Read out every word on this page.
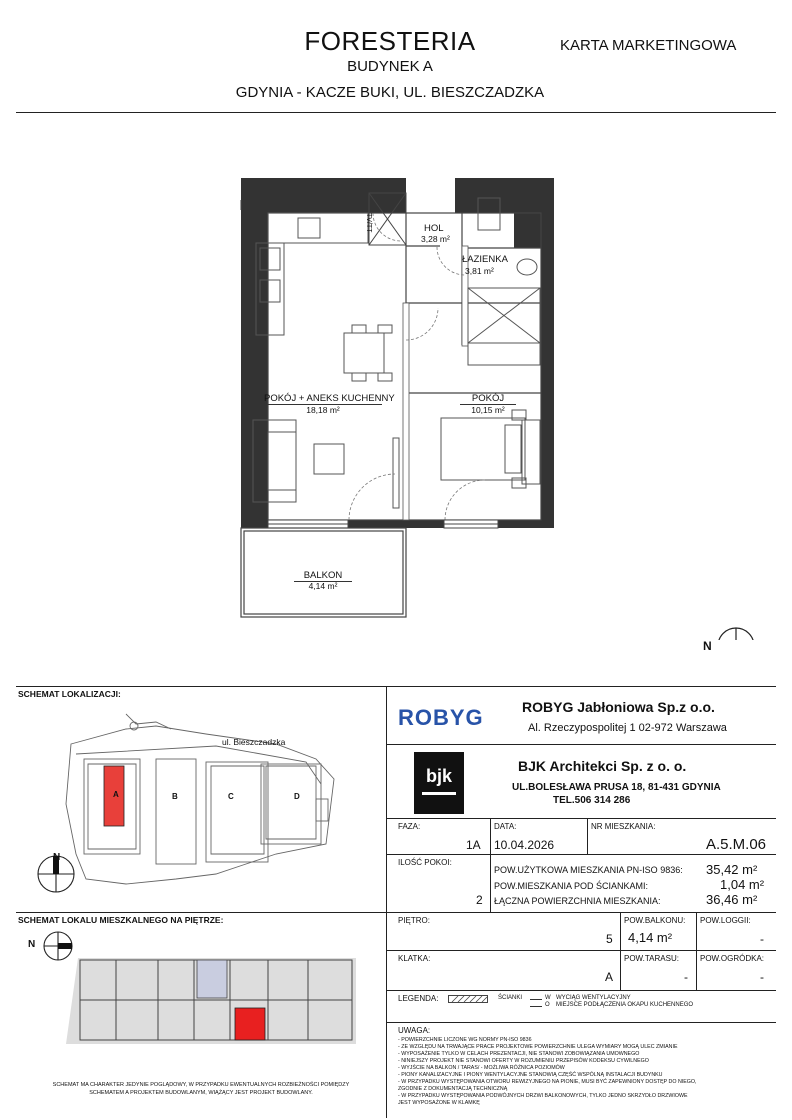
FORESTERIA
BUDYNEK A
GDYNIA - KACZE BUKI, UL. BIESZCZADZKA
KARTA MARKETINGOWA
HOL
3,28 m²
ŁAZIENKA
3,81 m²
POKÓJ + ANEKS KUCHENNY
18,18 m²
POKÓJ
10,15 m²
BALKON
4,14 m²
TV/TT
N
SCHEMAT LOKALIZACJI:
ul. Bieszczadzka
A	B	C	D
N
SCHEMAT LOKALU MIESZKALNEGO NA PIĘTRZE:
N
SCHEMAT MA CHARAKTER JEDYNIE POGLĄDOWY, W PRZYPADKU EWENTUALNYCH ROZBIEŻNOŚCI POMIĘDZY
SCHEMATEM A PROJEKTEM BUDOWLANYM, WIĄŻĄCY JEST PROJEKT BUDOWLANY.
ROBYG	ROBYG Jabłoniowa Sp.z o.o.
Al. Rzeczypospolitej 1 02-972 Warszawa
bjk	BJK Architekci Sp. z o. o.
UL.BOLESŁAWA PRUSA 18, 81-431 GDYNIA
TEL.506 314 286
FAZA:
1A
DATA:
10.04.2026
NR MIESZKANIA:
A.5.M.06
ILOŚĆ POKOI:
2
POW.UŻYTKOWA MIESZKANIA PN-ISO 9836: 35,42 m²
POW.MIESZKANIA POD ŚCIANKAMI:	1,04 m²
ŁĄCZNA POWIERZCHNIA MIESZKANIA:	36,46 m²
PIĘTRO:
5
POW.BALKONU:
4,14 m²
POW.LOGGII:
-
KLATKA:
A
POW.TARASU:
-
POW.OGRÓDKA:
-
LEGENDA:	ŚCIANKI	W WYCIĄG WENTYLACYJNY
O MIEJSCE PODŁĄCZENIA OKAPU KUCHENNEGO
UWAGA:
- POWIERZCHNIE LICZONE WG NORMY PN-ISO 9836
- ZE WZGLĘDU NA TRWAJĄCE PRACE PROJEKTOWE POWIERZCHNIE ULEGA WYMIARY MOGĄ ULEC ZMIANIE
- WYPOSAŻENIE TYLKO W CELACH PREZENTACJI, NIE STANOWI ZOBOWIĄZANIA UMOWNEGO
- NINIEJSZY PROJEKT NIE STANOWI OFERTY W ROZUMIENIU PRZEPISÓW KODEKSU CYWILNEGO
- WYJŚCIE NA BALKON / TARAS/ - MOŻLIWA RÓŻNICA POZIOMÓW
- PIONY KANALIZACYJNE I PIONY WENTYLACYJNE STANOWIĄ CZĘŚĆ WSPÓLNĄ INSTALACJI BUDYNKU
- W PRZYPADKU WYSTĘPOWANIA OTWORU REWIZYJNEGO NA PIONIE, MUSI BYĆ ZAPEWNIONY DOSTĘP DO NIEGO,
ZGODNIE Z DOKUMENTACJĄ TECHNICZNĄ
- W PRZYPADKU WYSTĘPOWANIA PODWÓJNYCH DRZWI BALKONOWYCH, TYLKO JEDNO SKRZYDŁO DRZWIOWE
JEST WYPOSAŻONE W KLAMKĘ
